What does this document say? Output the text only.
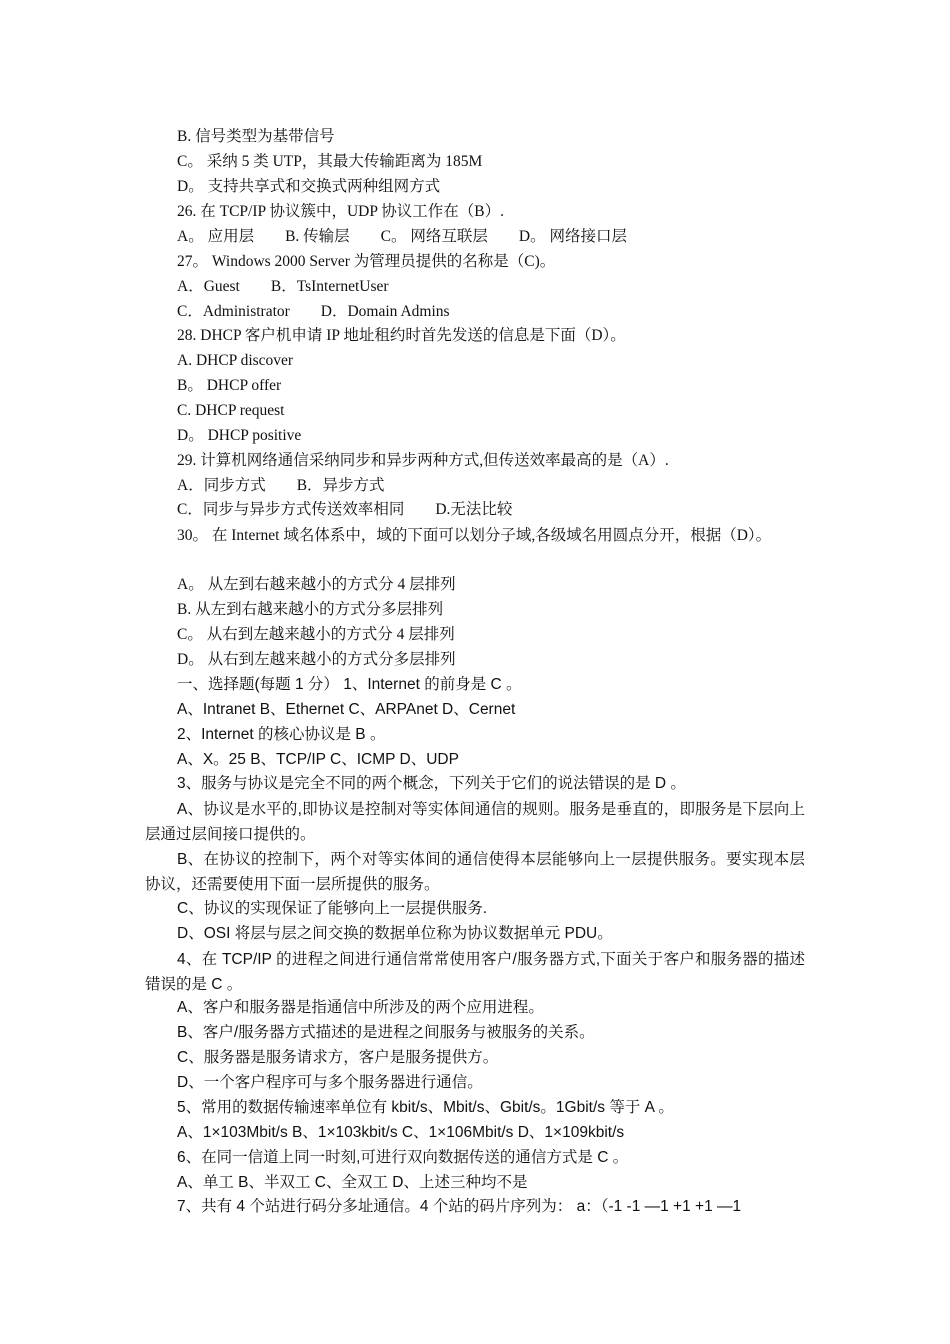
B. 信号类型为基带信号
C。 采纳 5 类 UTP，其最大传输距离为 185M
D。 支持共享式和交换式两种组网方式
26. 在 TCP/IP 协议簇中，UDP 协议工作在（B）.
A。 应用层　　B. 传输层　　C。 网络互联层　　D。 网络接口层
27。 Windows 2000 Server 为管理员提供的名称是（C)。
A．Guest　　B．TsInternetUser
C．Administrator　　D．Domain Admins
28. DHCP 客户机申请 IP 地址租约时首先发送的信息是下面（D）。
A. DHCP discover
B。 DHCP offer
C. DHCP request
D。 DHCP positive
29. 计算机网络通信采纳同步和异步两种方式,但传送效率最高的是（A）.
A．同步方式　　B．异步方式
C．同步与异步方式传送效率相同　　D.无法比较
30。 在 Internet 域名体系中，域的下面可以划分子域,各级域名用圆点分开，根据（D）。
A。 从左到右越来越小的方式分 4 层排列
B. 从左到右越来越小的方式分多层排列
C。 从右到左越来越小的方式分 4 层排列
D。 从右到左越来越小的方式分多层排列
一、选择题(每题 1 分） 1、Internet 的前身是 C 。
A、Intranet B、Ethernet C、ARPAnet D、Cernet
2、Internet 的核心协议是 B 。
A、X。25 B、TCP/IP C、ICMP D、UDP
3、服务与协议是完全不同的两个概念，下列关于它们的说法错误的是 D 。
A、协议是水平的,即协议是控制对等实体间通信的规则。服务是垂直的，即服务是下层向上层通过层间接口提供的。
B、在协议的控制下，两个对等实体间的通信使得本层能够向上一层提供服务。要实现本层协议，还需要使用下面一层所提供的服务。
C、协议的实现保证了能够向上一层提供服务.
D、OSI 将层与层之间交换的数据单位称为协议数据单元 PDU。
4、在 TCP/IP 的进程之间进行通信常常使用客户/服务器方式,下面关于客户和服务器的描述错误的是 C 。
A、客户和服务器是指通信中所涉及的两个应用进程。
B、客户/服务器方式描述的是进程之间服务与被服务的关系。
C、服务器是服务请求方，客户是服务提供方。
D、一个客户程序可与多个服务器进行通信。
5、常用的数据传输速率单位有 kbit/s、Mbit/s、Gbit/s。1Gbit/s 等于 A 。
A、1×103Mbit/s B、1×103kbit/s C、1×106Mbit/s D、1×109kbit/s
6、在同一信道上同一时刻,可进行双向数据传送的通信方式是 C 。
A、单工 B、半双工 C、全双工 D、上述三种均不是
7、共有 4 个站进行码分多址通信。4 个站的码片序列为： a：（-1 -1 —1 +1 +1 —1
